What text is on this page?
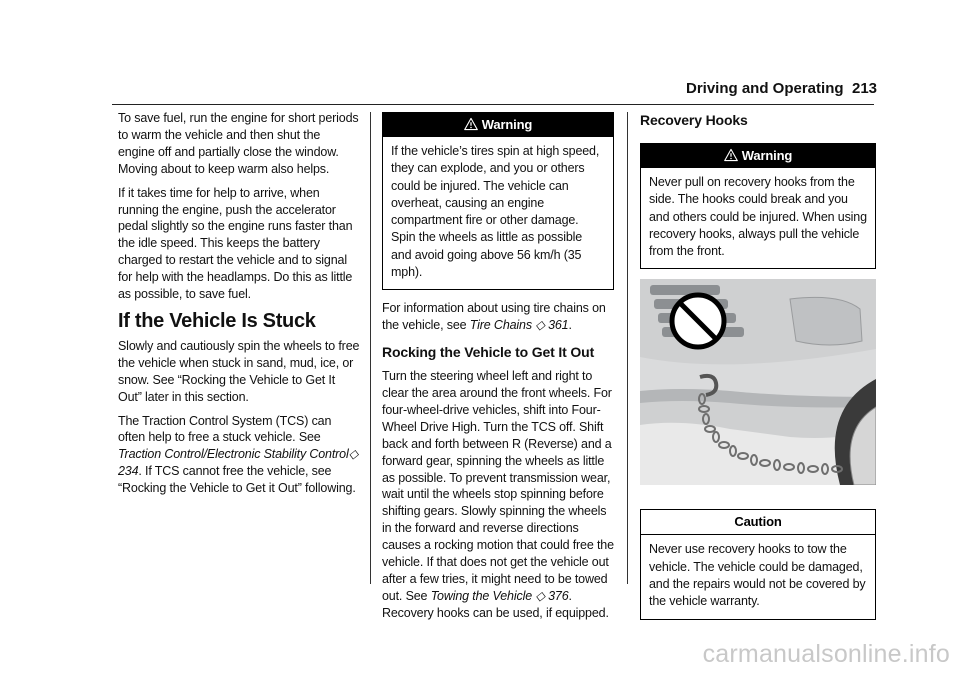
Driving and Operating 213

To save fuel, run the engine for short periods to warm the vehicle and then shut the engine off and partially close the window. Moving about to keep warm also helps.

If it takes time for help to arrive, when running the engine, push the accelerator pedal slightly so the engine runs faster than the idle speed. This keeps the battery charged to restart the vehicle and to signal for help with the headlamps. Do this as little as possible, to save fuel.

If the Vehicle Is Stuck

Slowly and cautiously spin the wheels to free the vehicle when stuck in sand, mud, ice, or snow. See “Rocking the Vehicle to Get It Out” later in this section.

The Traction Control System (TCS) can often help to free a stuck vehicle. See Traction Control/Electronic Stability Control◇ 234. If TCS cannot free the vehicle, see “Rocking the Vehicle to Get it Out” following.

Warning
If the vehicle’s tires spin at high speed, they can explode, and you or others could be injured. The vehicle can overheat, causing an engine compartment fire or other damage. Spin the wheels as little as possible and avoid going above 56 km/h (35 mph).

For information about using tire chains on the vehicle, see Tire Chains ◇ 361.

Rocking the Vehicle to Get It Out

Turn the steering wheel left and right to clear the area around the front wheels. For four-wheel-drive vehicles, shift into Four-Wheel Drive High. Turn the TCS off. Shift back and forth between R (Reverse) and a forward gear, spinning the wheels as little as possible. To prevent transmission wear, wait until the wheels stop spinning before shifting gears. Slowly spinning the wheels in the forward and reverse directions causes a rocking motion that could free the vehicle. If that does not get the vehicle out after a few tries, it might need to be towed out. See Towing the Vehicle ◇ 376. Recovery hooks can be used, if equipped.

Recovery Hooks
Warning
Never pull on recovery hooks from the side. The hooks could break and you and others could be injured. When using recovery hooks, always pull the vehicle from the front.
Caution
Never use recovery hooks to tow the vehicle. The vehicle could be damaged, and the repairs would not be covered by the vehicle warranty.
carmanualsonline.info
